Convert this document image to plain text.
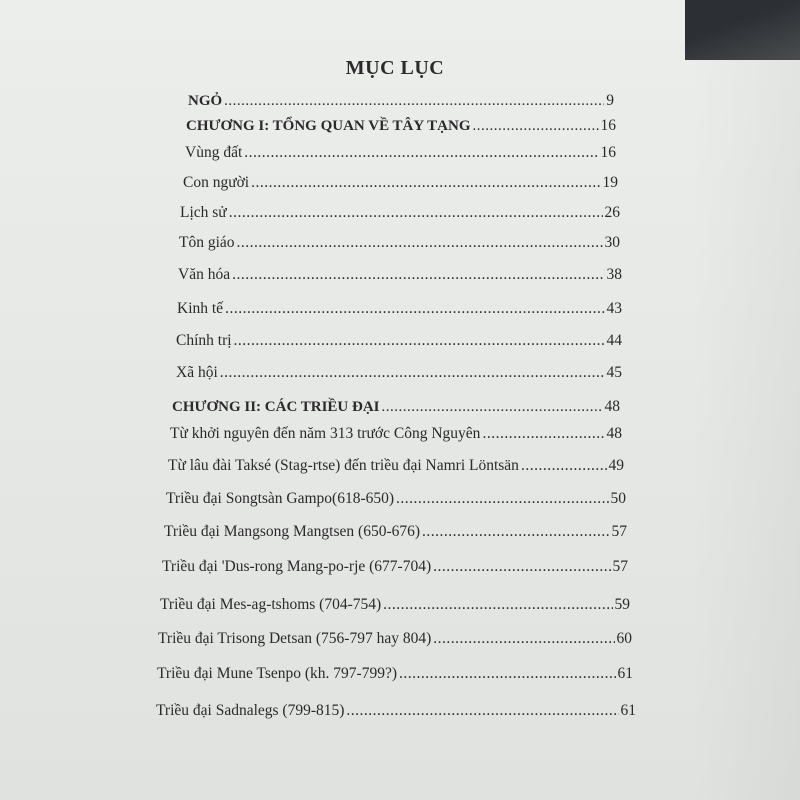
MỤC LỤC
NGỎ .....	9
CHƯƠNG I: TỔNG QUAN VỀ TÂY TẠNG .....	16
Vùng đất .....	16
Con người .....	19
Lịch sử .....	26
Tôn giáo .....	30
Văn hóa .....	38
Kinh tế .....	43
Chính trị .....	44
Xã hội .....	45
CHƯƠNG II: CÁC TRIỀU ĐẠI .....	48
Từ khởi nguyên đến năm 313 trước Công Nguyên .....	48
Từ lâu đài Taksé (Stag-rtse) đến triều đại Namri Löntsän .....	49
Triều đại Songtsàn Gampo(618-650) .....	50
Triều đại Mangsong Mangtsen (650-676) .....	57
Triều đại 'Dus-rong Mang-po-rje (677-704) .....	57
Triều đại Mes-ag-tshoms (704-754) .....	59
Triều đại Trisong Detsan (756-797 hay 804) .....	60
Triều đại Mune Tsenpo (kh. 797-799?) .....	61
Triều đại Sadnalegs (799-815) .....	61
